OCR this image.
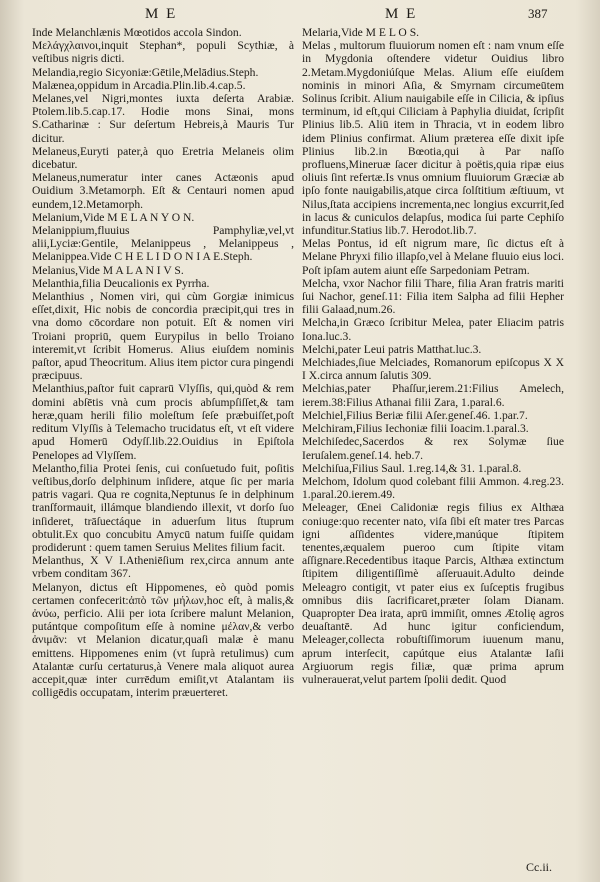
M E	M E	387

Inde Melanchlænis Mœotidos accola Sindon.

Μελάγχλαινοι,inquit Stephan*, populi Scythiæ, à veſtibus nigris dicti.

Melandia,regio Sicyoniæ:Gētile,Melādius.Steph.

Malænea,oppidum in Arcadia.Plin.lib.4.cap.5.

Melanes,vel Nigri,montes iuxta deſerta Arabiæ. Ptolem.lib.5.cap.17. Hodie mons Sinai, mons S.Catharinæ : Sur deſertum Hebreis,à Mauris Tur dicitur.

Melaneus,Euryti pater,à quo Eretria Melaneis olim dicebatur.

Melaneus,numeratur inter canes Actæonis apud Ouidium 3.Metamorph. Eſt & Centauri nomen apud eundem,12.Metamorph.

Melanium,Vide M E L A N Y O N.

Melanippium,fluuius Pamphyliæ,vel,vt alii,Lyciæ:Gentile, Melanippeus , Melanippeus , Melanippea.Vide C H E L I D O N I A E.Steph.

Melanius,Vide M A L A N I V S.

Melanthia,filia Deucalionis ex Pyrrha.

Melanthius , Nomen viri, qui cùm Gorgiæ inimicus eſſet,dixit, Hic nobis de concordia præcipit,qui tres in vna domo cōcordare non potuit. Eſt & nomen viri Troiani propriū, quem Eurypilus in bello Troiano interemit,vt ſcribit Homerus. Alius eiuſdem nominis paſtor, apud Theocritum. Alius item pictor cura pingendi præcipuus.

Melanthius,paſtor fuit caprarū Vlyſſis, qui,quòd & rem domini abſētis vnà cum procis abſumpſiſſet,& tam heræ,quam herili filio moleſtum ſeſe præbuiſſet,poſt reditum Vlyſſis à Telemacho trucidatus eſt, vt eſt videre apud Homerū Odyſſ.lib.22.Ouidius in Epiſtola Penelopes ad Vlyſſem.

Melantho,filia Protei ſenis, cui conſuetudo fuit, poſitis veſtibus,dorſo delphinum inſidere, atque ſic per maria patris vagari. Qua re cognita,Neptunus ſe in delphinum tranſformauit, illámque blandiendo illexit, vt dorſo ſuo inſideret, trāſuectáque in aduerſum litus ſtuprum obtulit.Ex quo concubitu Amycū natum fuiſſe quidam prodiderunt : quem tamen Seruius Melites filium facit.

Melanthus, X V I.Atheniēſium rex,circa annum ante vrbem conditam 367.

Melanyon, dictus eſt Hippomenes, eò quòd pomis certamen confecerit:ἀπὸ τῶν μήλων,hoc eſt, à malis,& ἀνύω, perficio. Alii per iota ſcribere malunt Melanion, putántque compoſitum eſſe à nomine μέλαν,& verbo ἀνιμᾶν: vt Melanion dicatur,quaſi malæ è manu emittens. Hippomenes enim (vt ſuprà retulimus) cum Atalantæ curſu certaturus,à Venere mala aliquot aurea accepit,quæ inter currēdum emiſit,vt Atalantam iis colligēdis occupatam, interim præuerteret.

Melaria,Vide M E L O S.

Melas , multorum fluuiorum nomen eſt : nam vnum eſſe in Mygdonia oſtendere videtur Ouidius libro 2.Metam.Mygdoniúſque Melas. Alium eſſe eiuſdem nominis in minori Aſia, & Smyrnam circumeūtem Solinus ſcribit. Alium nauigabile eſſe in Cilicia, & ipſius terminum, id eſt,qui Ciliciam à Paphylia diuidat, ſcripſit Plinius lib.5. Aliū item in Thracia, vt in eodem libro idem Plinius confirmat. Alium præterea eſſe dixit ipſe Plinius lib.2.in Bœotia,qui à Par naſſo profluens,Mineruæ ſacer dicitur à poëtis,quia ripæ eius oliuis ſint refertæ.Is vnus omnium fluuiorum Græciæ ab ipſo fonte nauigabilis,atque circa ſolſtitium æſtiuum, vt Nilus,ſtata accipiens incrementa,nec longius excurrit,ſed in lacus & cuniculos delapſus, modica ſui parte Cephiſo infunditur.Statius lib.7. Herodot.lib.7.

Melas Pontus, id eſt nigrum mare, ſic dictus eſt à Melane Phryxi filio illapſo,vel à Melane fluuio eius loci. Poſt ipſam autem aiunt eſſe Sarpedoniam Petram.

Melcha, vxor Nachor filii Thare, filia Aran fratris mariti ſui Nachor, geneſ.11: Filia item Salpha ad filii Hepher filii Galaad,num.26.

Melcha,in Græco ſcribitur Melea, pater Eliacim patris Iona.luc.3.

Melchi,pater Leui patris Matthat.luc.3.

Melchiades,ſiue Melciades, Romanorum epiſcopus X X I X.circa annum ſalutis 309.

Melchias,pater Phaſſur,ierem.21:Filius Amelech, ierem.38:Filius Athanai filii Zara, 1.paral.6.

Melchiel,Filius Beriæ filii Aſer.geneſ.46. 1.par.7.

Melchiram,Filius Iechoniæ filii Ioacim.1.paral.3.

Melchiſedec,Sacerdos & rex Solymæ ſiue Ieruſalem.geneſ.14. heb.7.

Melchiſua,Filius Saul. 1.reg.14,& 31. 1.paral.8.

Melchom, Idolum quod colebant filii Ammon. 4.reg.23. 1.paral.20.ierem.49.

Meleager, Œnei Calidoniæ regis filius ex Althæa coniuge:quo recenter nato, viſa ſibi eſt mater tres Parcas igni aſſidentes videre,manúque ſtipitem tenentes,æqualem pueroo cum ſtipite vitam aſſignare.Recedentibus itaque Parcis, Althæa extinctum ſtipitem diligentiſſimè aſſeruauit.Adulto deinde Meleagro contigit, vt pater eius ex ſuſceptis frugibus omnibus diis ſacrificaret,præter ſolam Dianam. Quapropter Dea irata, aprū immiſit, omnes Ætolię agros deuaſtantē. Ad hunc igitur conficiendum, Meleager,collecta robuſtiſſimorum iuuenum manu, aprum interſecit, capútque eius Atalantæ Iaſii Argiuorum regis filiæ, quæ prima aprum vulnerauerat,velut partem ſpolii dedit. Quod

Cc.ii.
